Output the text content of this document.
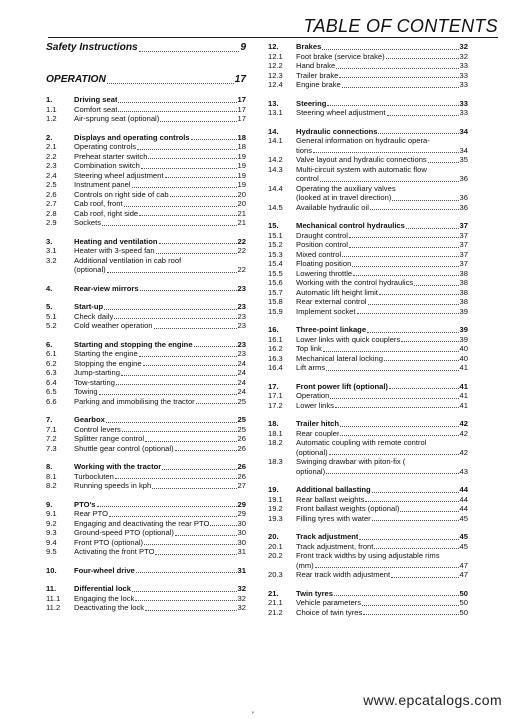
TABLE OF CONTENTS
Safety Instructions	9
OPERATION	17
1.	Driving seat	17
1.1 Comfort seat	17
1.2 Air-sprung seat (optional)	17
2.	Displays and operating controls	18
2.1 Operating controls	18
2.2 Preheat starter switch	19
2.3 Combination switch	19
2.4 Steering wheel adjustment	19
2.5 Instrument panel	19
2.6 Controls on right side of cab	20
2.7 Cab roof, front	20
2.8 Cab roof, right side	21
2.9 Sockets	21
3.	Heating and ventilation	22
3.1 Heater with 3-speed fan	22
3.2 Additional ventilation in cab roof
(optional)	22
4.	Rear-view mirrors	23
5.	Start-up	23
5.1 Check daily	23
5.2 Cold weather operation	23
6.	Starting and stopping the engine	23
6.1 Starting the engine	23
6.2 Stopping the engine	24
6.3 Jump-starting	24
6.4 Tow-starting	24
6.5 Towing	24
6.6 Parking and immobilising the tractor	25
7.	Gearbox	25
7.1 Control levers	25
7.2 Splitter range control	26
7.3 Shuttle gear control (optional)	26
8.	Working with the tractor	26
8.1 Turbocluten	26
8.2 Running speeds in kph	27
9.	PTO's	29
9.1 Rear PTO	29
9.2 Engaging and deactivating the rear PTO	30
9.3 Ground-speed PTO (optional)	30
9.4 Front PTO (optional)	30
9.5 Activating the front PTO	31
10. Four-wheel drive	31
11. Differential lock	32
11.1 Engaging the lock	32
11.2 Deactivating the lock	32
12. Brakes	32
12.1 Foot brake (service brake)	32
12.2 Hand brake	33
12.3 Trailer brake	33
12.4 Engine brake	33
13. Steering	33
13.1 Steering wheel adjustment	33
14. Hydraulic connections	34
14.1 General information on hydraulic opera-
tions	34
14.2 Valve layout and hydraulic connections	35
14.3 Multi-circuit system with automatic flow
control	36
14.4 Operating the auxiliary valves
(looked at in travel direction)	36
14.5 Available hydraulic oil	36
15. Mechanical control hydraulics	37
15.1 Draught control	37
15.2 Position control	37
15.3 Mixed control	37
15.4 Floating position	37
15.5 Lowering throttle	38
15.6 Working with the control hydraulics	38
15.7 Automatic lift height limit	38
15.8 Rear external control	38
15.9 Implement socket	39
16. Three-point linkage	39
16.1 Lower links with quick couplers	39
16.2 Top link	40
16.3 Mechanical lateral locking	40
16.4 Lift arms	41
17. Front power lift (optional)	41
17.1 Operation	41
17.2 Lower links	41
18. Trailer hitch	42
18.1 Rear coupler	42
18.2 Automatic coupling with remote control
(optional)	42
18.3 Swinging drawbar with piton-fix (
optional)	43
19. Additional ballasting	44
19.1 Rear ballast weights	44
19.2 Front ballast weights (optional)	44
19.3 Filling tyres with water	45
20. Track adjustment	45
20.1 Track adjustment, front	45
20.2 Front track widths by using adjustable rims
(mm)	47
20.3 Rear track width adjustment	47
21. Twin tyres	50
21.1 Vehicle parameters	50
21.2 Choice of twin tyres	50
www.epcatalogs.com
ᴾ
